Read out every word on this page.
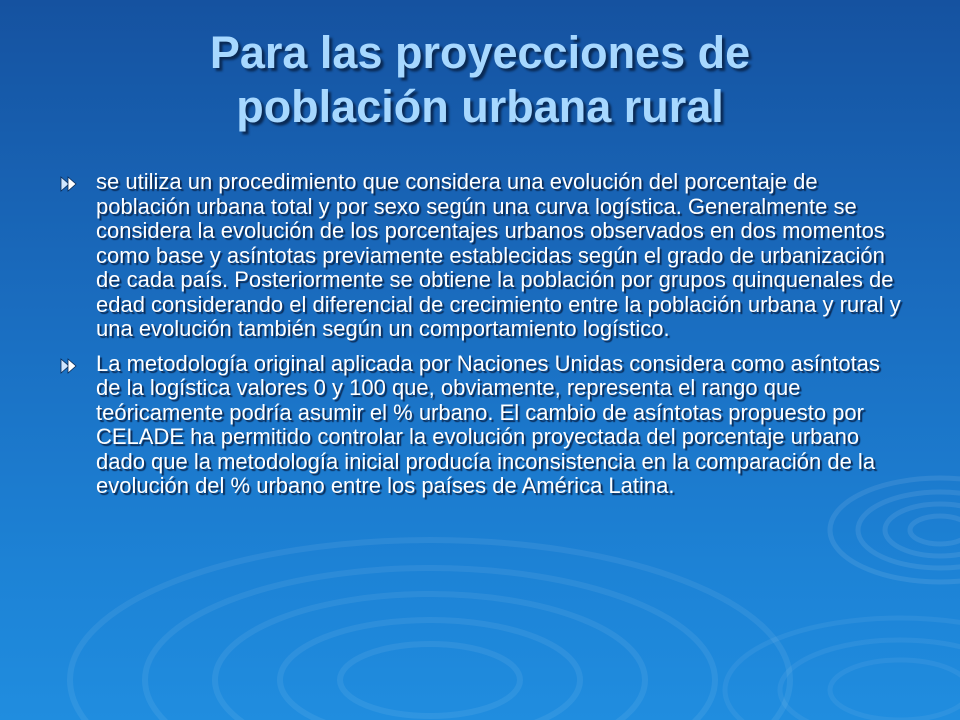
Para las proyecciones de
población urbana rural
se utiliza un procedimiento que considera una evolución del porcentaje de población urbana total y por sexo según una curva logística. Generalmente se considera la evolución de los porcentajes urbanos observados en dos momentos como base y asíntotas previamente establecidas según el grado de urbanización de cada país. Posteriormente se obtiene la población por grupos quinquenales de edad considerando el diferencial de crecimiento entre la población urbana y rural y una evolución también según un comportamiento logístico.
La metodología original aplicada por Naciones Unidas considera como asíntotas de la logística valores 0 y 100 que, obviamente, representa el rango que teóricamente podría asumir el % urbano. El cambio de asíntotas propuesto por CELADE ha permitido controlar la evolución proyectada del porcentaje urbano dado que la metodología inicial producía inconsistencia en la comparación de la evolución del % urbano entre los países de América Latina.
